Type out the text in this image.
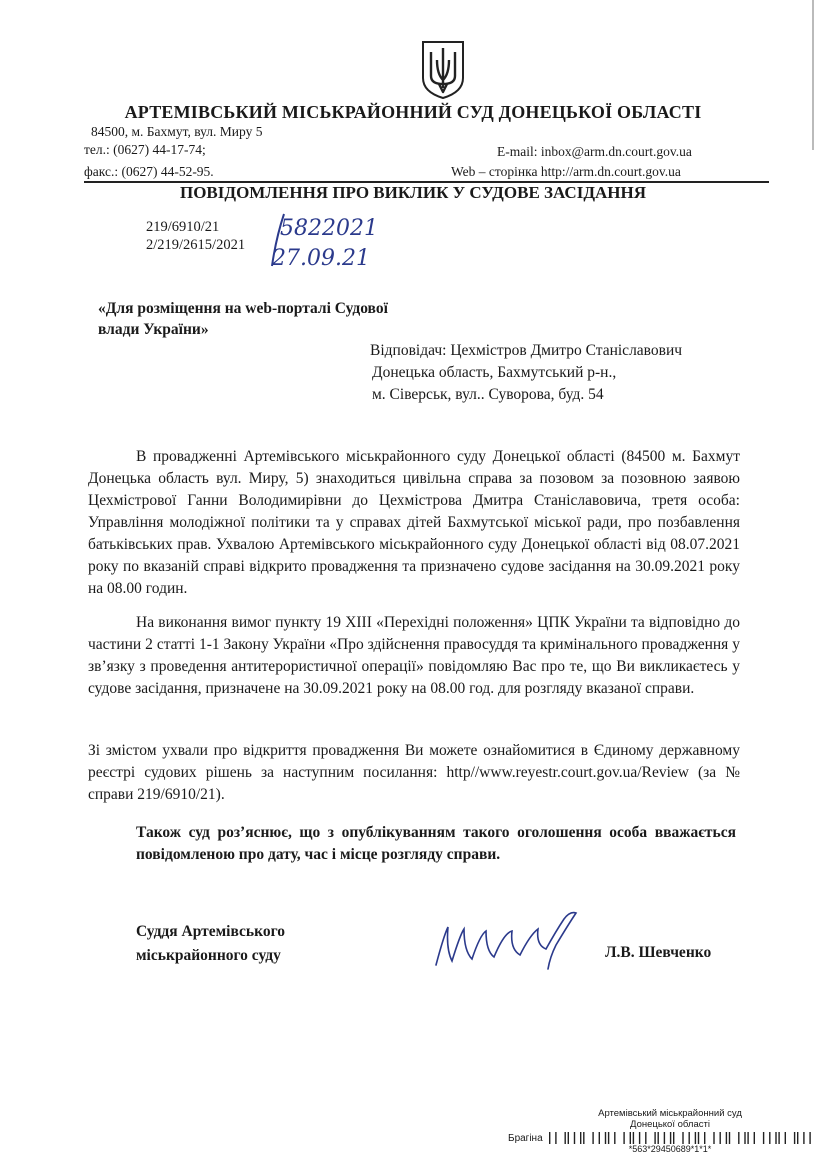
АРТЕМІВСЬКИЙ МІСЬКРАЙОННИЙ СУД ДОНЕЦЬКОЇ ОБЛАСТІ
84500, м. Бахмут, вул. Миру 5
тел.: (0627) 44-17-74;
факс.: (0627) 44-52-95.
E-mail: inbox@arm.dn.court.gov.ua
Web – сторінка http://arm.dn.court.gov.ua
ПОВІДОМЛЕННЯ ПРО ВИКЛИК У СУДОВЕ ЗАСІДАННЯ
219/6910/21
2/219/2615/2021
5822021
27.09.21
«Для розміщення на web-порталі Судової влади України»
Відповідач: Цехмістров Дмитро Станіславович
Донецька область, Бахмутський р-н.,
м. Сіверськ, вул.. Суворова, буд. 54
В провадженні Артемівського міськрайонного суду Донецької області (84500 м. Бахмут Донецька область вул. Миру, 5) знаходиться цивільна справа за позовом за позовною заявою Цехмістрової Ганни Володимирівни до Цехмістрова Дмитра Станіславовича, третя особа: Управління молодіжної політики та у справах дітей Бахмутської міської ради, про позбавлення батьківських прав. Ухвалою Артемівського міськрайонного суду Донецької області від 08.07.2021 року по вказаній справі відкрито провадження та призначено судове засідання на 30.09.2021 року на 08.00 годин.
На виконання вимог пункту 19 XIII «Перехідні положення» ЦПК України та відповідно до частини 2 статті 1-1 Закону України «Про здійснення правосуддя та кримінального провадження у зв’язку з проведення антитерористичної операції» повідомляю Вас про те, що Ви викликаєтесь у судове засідання, призначене на 30.09.2021 року на 08.00 год. для розгляду вказаної справи.
Зі змістом ухвали про відкриття провадження Ви можете ознайомитися в Єдиному державному реєстрі судових рішень за наступним посилання: http//www.reyestr.court.gov.ua/Review (за № справи 219/6910/21).
Також суд роз’яснює, що з опублікуванням такого оголошення особа вважається повідомленою про дату, час і місце розгляду справи.
Суддя Артемівського
міськрайонного суду	Л.В. Шевченко
Артемівський міськрайонний суд
Донецької області
Брагіна
*563*29450689*1*1*
